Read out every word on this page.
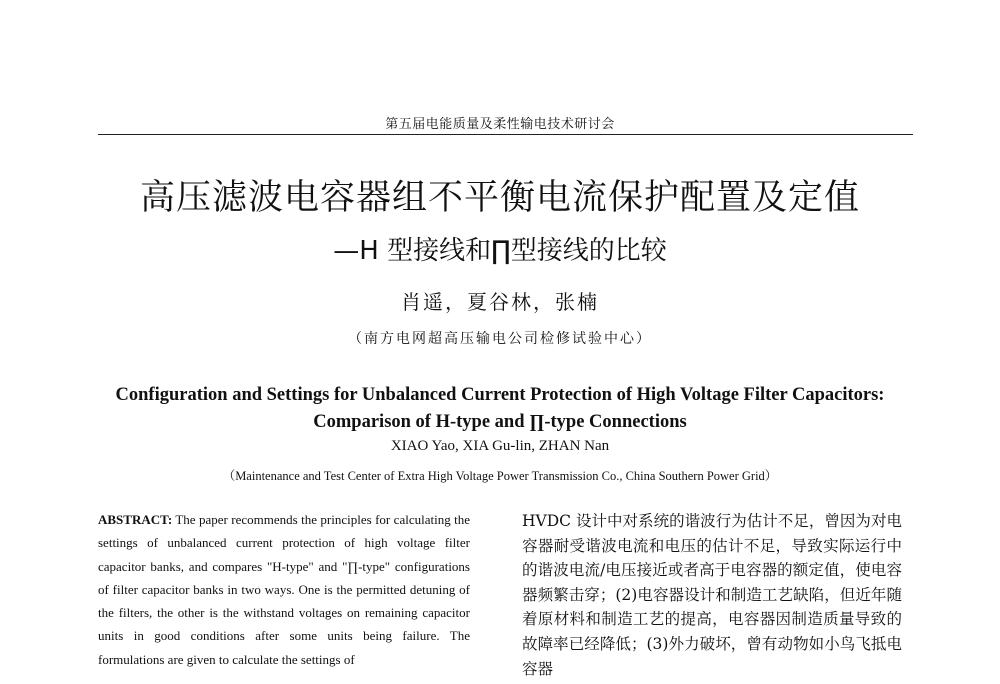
第五届电能质量及柔性输电技术研讨会
高压滤波电容器组不平衡电流保护配置及定值
—H 型接线和∏型接线的比较
肖遥，夏谷林，张楠
（南方电网超高压输电公司检修试验中心）
Configuration and Settings for Unbalanced Current Protection of High Voltage Filter Capacitors: Comparison of H-type and ∏-type Connections
XIAO Yao, XIA Gu-lin, ZHAN Nan
（Maintenance and Test Center of Extra High Voltage Power Transmission Co., China Southern Power Grid）
ABSTRACT: The paper recommends the principles for calculating the settings of unbalanced current protection of high voltage filter capacitor banks, and compares "H-type" and "∏-type" configurations of filter capacitor banks in two ways. One is the permitted detuning of the filters, the other is the withstand voltages on remaining capacitor units in good conditions after some units being failure. The formulations are given to calculate the settings of
HVDC 设计中对系统的谐波行为估计不足，曾因为对电容器耐受谐波电流和电压的估计不足，导致实际运行中的谐波电流/电压接近或者高于电容器的额定值，使电容器频繁击穿；(2)电容器设计和制造工艺缺陷，但近年随着原材料和制造工艺的提高，电容器因制造质量导致的故障率已经降低；(3)外力破坏，曾有动物如小鸟飞抵电容器
